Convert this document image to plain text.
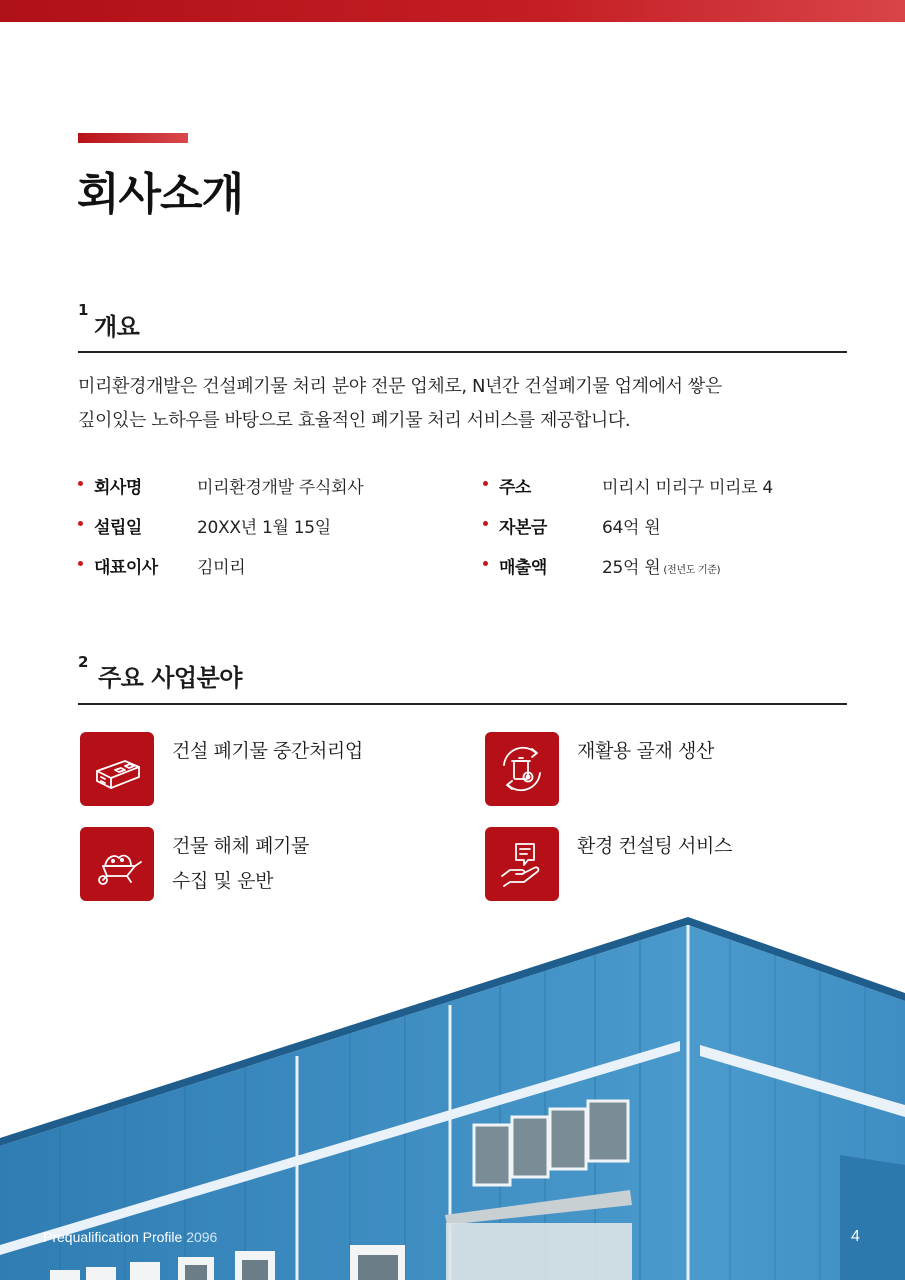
회사소개
1
개요

미리환경개발은 건설폐기물 처리 분야 전문 업체로, N년간 건설폐기물 업계에서 쌓은

깊이있는 노하우를 바탕으로 효율적인 폐기물 처리 서비스를 제공합니다.

회사명	미리환경개발 주식회사
설립일	20XX년 1월 15일
대표이사 김미리
주소	미리시 미리구 미리로 4
자본금	64억 원
매출액	25억 원 (전년도 기준)
2
주요 사업분야
건설 폐기물 중간처리업	재활용 골재 생산
건물 해체 폐기물
수집 및 운반
환경 컨설팅 서비스
Prequalification Profile 2096	4
